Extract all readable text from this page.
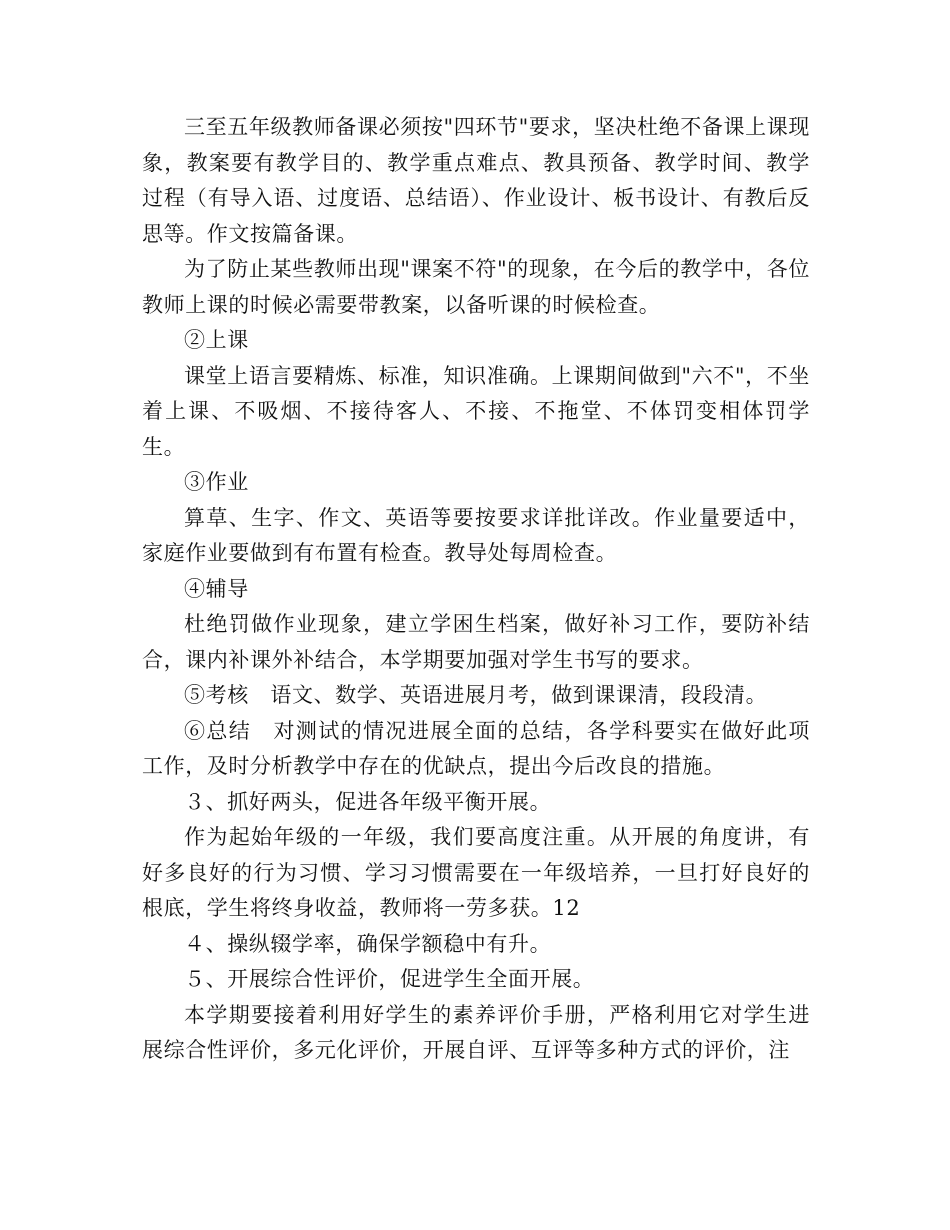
三至五年级教师备课必须按"四环节"要求，坚决杜绝不备课上课现象，教案要有教学目的、教学重点难点、教具预备、教学时间、教学过程（有导入语、过度语、总结语）、作业设计、板书设计、有教后反思等。作文按篇备课。

为了防止某些教师出现"课案不符"的现象，在今后的教学中，各位教师上课的时候必需要带教案，以备听课的时候检查。

②上课

课堂上语言要精炼、标准，知识准确。上课期间做到"六不"，不坐着上课、不吸烟、不接待客人、不接、不拖堂、不体罚变相体罚学生。

③作业

算草、生字、作文、英语等要按要求详批详改。作业量要适中，家庭作业要做到有布置有检查。教导处每周检查。

④辅导

杜绝罚做作业现象，建立学困生档案，做好补习工作，要防补结合，课内补课外补结合，本学期要加强对学生书写的要求。

⑤考核　语文、数学、英语进展月考，做到课课清，段段清。

⑥总结　对测试的情况进展全面的总结，各学科要实在做好此项工作，及时分析教学中存在的优缺点，提出今后改良的措施。

３、抓好两头，促进各年级平衡开展。

作为起始年级的一年级，我们要高度注重。从开展的角度讲，有好多良好的行为习惯、学习习惯需要在一年级培养，一旦打好良好的根底，学生将终身收益，教师将一劳多获。12

４、操纵辍学率，确保学额稳中有升。

５、开展综合性评价，促进学生全面开展。

本学期要接着利用好学生的素养评价手册，严格利用它对学生进展综合性评价，多元化评价，开展自评、互评等多种方式的评价，注
